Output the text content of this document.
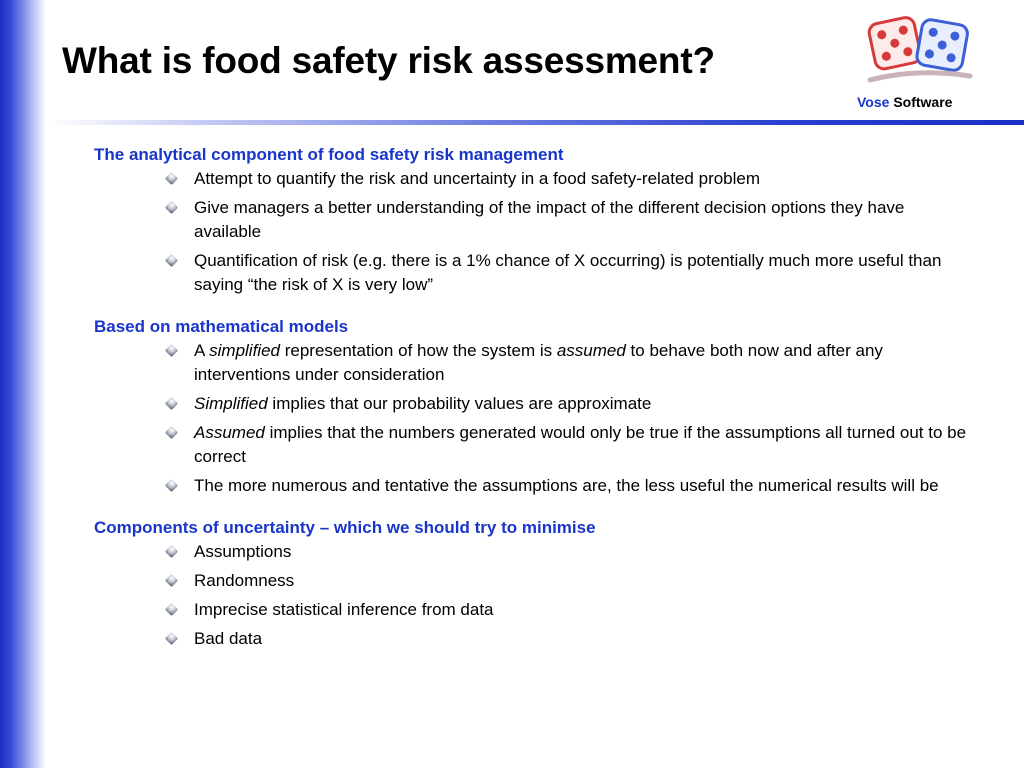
What is food safety risk assessment?
Vose Software
The analytical component of food safety risk management
Attempt to quantify the risk and uncertainty in a food safety-related problem
Give managers a better understanding of the impact of the different decision options they have available
Quantification of risk (e.g. there is a 1% chance of X occurring) is potentially much more useful than saying “the risk of X is very low”
Based on mathematical models
A simplified representation of how the system is assumed to behave both now and after any interventions under consideration
Simplified implies that our probability values are approximate
Assumed implies that the numbers generated would only be true if the assumptions all turned out to be correct
The more numerous and tentative the assumptions are, the less useful the numerical results will be
Components of uncertainty – which we should try to minimise
Assumptions
Randomness
Imprecise statistical inference from data
Bad data
